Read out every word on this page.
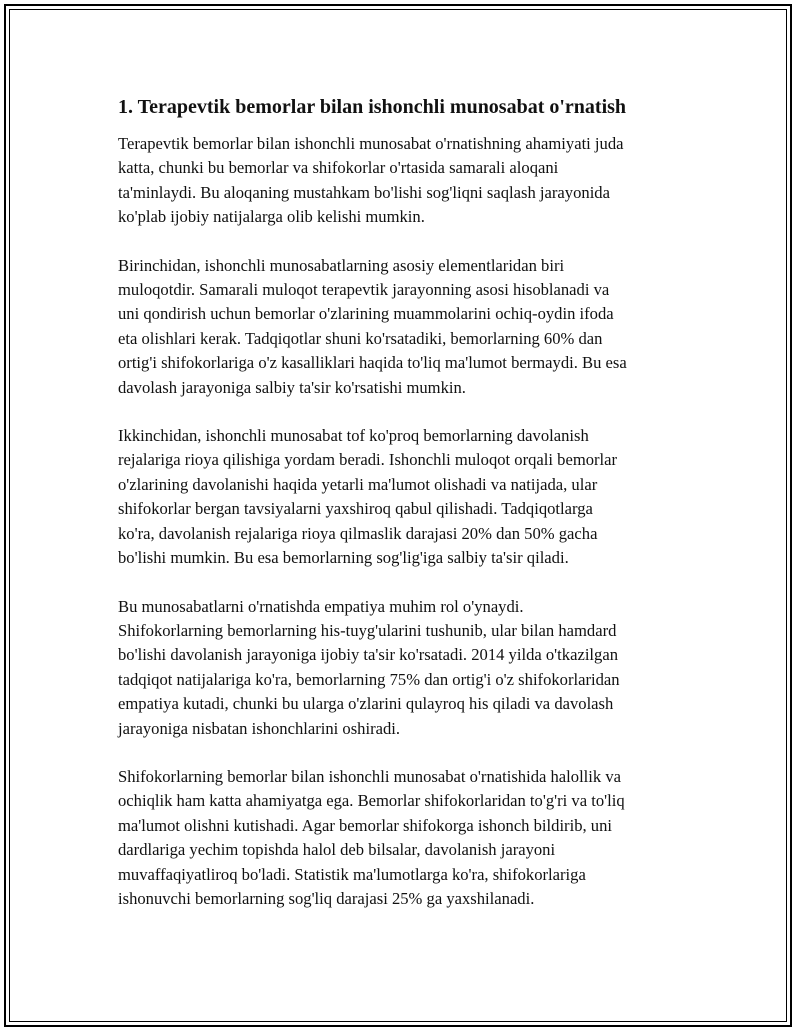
1. Terapevtik bemorlar bilan ishonchli munosabat o'rnatish

Terapevtik bemorlar bilan ishonchli munosabat o'rnatishning ahamiyati juda
katta, chunki bu bemorlar va shifokorlar o'rtasida samarali aloqani
ta'minlaydi. Bu aloqaning mustahkam bo'lishi sog'liqni saqlash jarayonida
ko'plab ijobiy natijalarga olib kelishi mumkin.

Birinchidan, ishonchli munosabatlarning asosiy elementlaridan biri
muloqotdir. Samarali muloqot terapevtik jarayonning asosi hisoblanadi va
uni qondirish uchun bemorlar o'zlarining muammolarini ochiq-oydin ifoda
eta olishlari kerak. Tadqiqotlar shuni ko'rsatadiki, bemorlarning 60% dan
ortig'i shifokorlariga o'z kasalliklari haqida to'liq ma'lumot bermaydi. Bu esa
davolash jarayoniga salbiy ta'sir ko'rsatishi mumkin.

Ikkinchidan, ishonchli munosabat tof ko'proq bemorlarning davolanish
rejalariga rioya qilishiga yordam beradi. Ishonchli muloqot orqali bemorlar
o'zlarining davolanishi haqida yetarli ma'lumot olishadi va natijada, ular
shifokorlar bergan tavsiyalarni yaxshiroq qabul qilishadi. Tadqiqotlarga
ko'ra, davolanish rejalariga rioya qilmaslik darajasi 20% dan 50% gacha
bo'lishi mumkin. Bu esa bemorlarning sog'lig'iga salbiy ta'sir qiladi.

Bu munosabatlarni o'rnatishda empatiya muhim rol o'ynaydi.
Shifokorlarning bemorlarning his-tuyg'ularini tushunib, ular bilan hamdard
bo'lishi davolanish jarayoniga ijobiy ta'sir ko'rsatadi. 2014 yilda o'tkazilgan
tadqiqot natijalariga ko'ra, bemorlarning 75% dan ortig'i o'z shifokorlaridan
empatiya kutadi, chunki bu ularga o'zlarini qulayroq his qiladi va davolash
jarayoniga nisbatan ishonchlarini oshiradi.

Shifokorlarning bemorlar bilan ishonchli munosabat o'rnatishida halollik va
ochiqlik ham katta ahamiyatga ega. Bemorlar shifokorlaridan to'g'ri va to'liq
ma'lumot olishni kutishadi. Agar bemorlar shifokorga ishonch bildirib, uni
dardlariga yechim topishda halol deb bilsalar, davolanish jarayoni
muvaffaqiyatliroq bo'ladi. Statistik ma'lumotlarga ko'ra, shifokorlariga
ishonuvchi bemorlarning sog'liq darajasi 25% ga yaxshilanadi.
